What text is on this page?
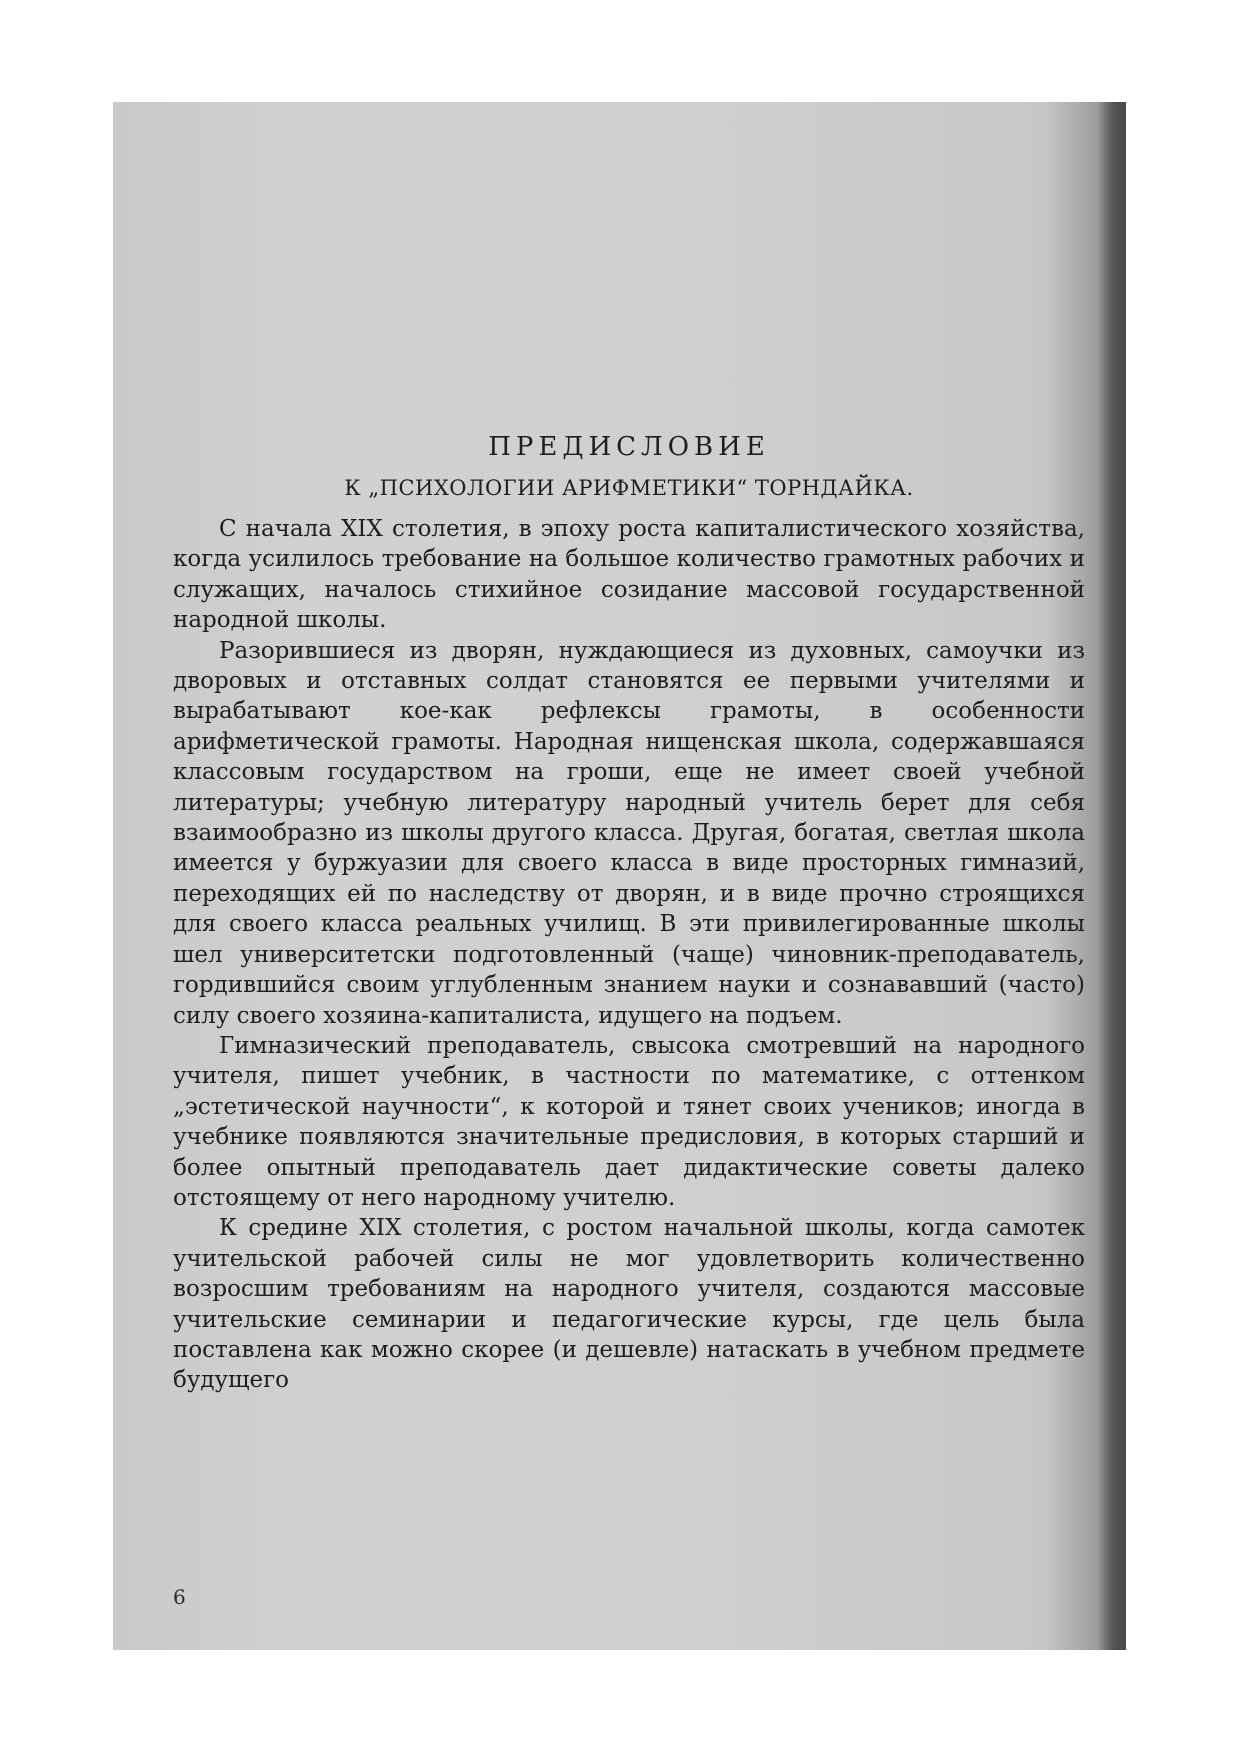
ПРЕДИСЛОВИЕ
К „ПСИХОЛОГИИ АРИФМЕТИКИ“ ТОРНДАЙКА.

С начала XIX столетия, в эпоху роста капиталистического хозяйства, когда усилилось требование на большое количество грамотных рабочих и служащих, началось стихийное созидание массовой государственной народной школы.

Разорившиеся из дворян, нуждающиеся из духовных, самоучки из дворовых и отставных солдат становятся ее первыми учителями и вырабатывают кое-как рефлексы грамоты, в особенности арифметической грамоты. Народная нищенская школа, содержавшаяся классовым государством на гроши, еще не имеет своей учебной литературы; учебную литературу народный учитель берет для себя взаимообразно из школы другого класса. Другая, богатая, светлая школа имеется у буржуазии для своего класса в виде просторных гимназий, переходящих ей по наследству от дворян, и в виде прочно строящихся для своего класса реальных училищ. В эти привилегированные школы шел университетски подготовленный (чаще) чиновник-преподаватель, гордившийся своим углубленным знанием науки и сознававший (часто) силу своего хозяина-капиталиста, идущего на подъем.

Гимназический преподаватель, свысока смотревший на народного учителя, пишет учебник, в частности по математике, с оттенком „эстетической научности“, к которой и тянет своих учеников; иногда в учебнике появляются значительные предисловия, в которых старший и более опытный преподаватель дает дидактические советы далеко отстоящему от него народному учителю.

К средине XIX столетия, с ростом начальной школы, когда самотек учительской рабочей силы не мог удовлетворить количественно возросшим требованиям на народного учителя, создаются массовые учительские семинарии и педагогические курсы, где цель была поставлена как можно скорее (и дешевле) натаскать в учебном предмете будущего

6
